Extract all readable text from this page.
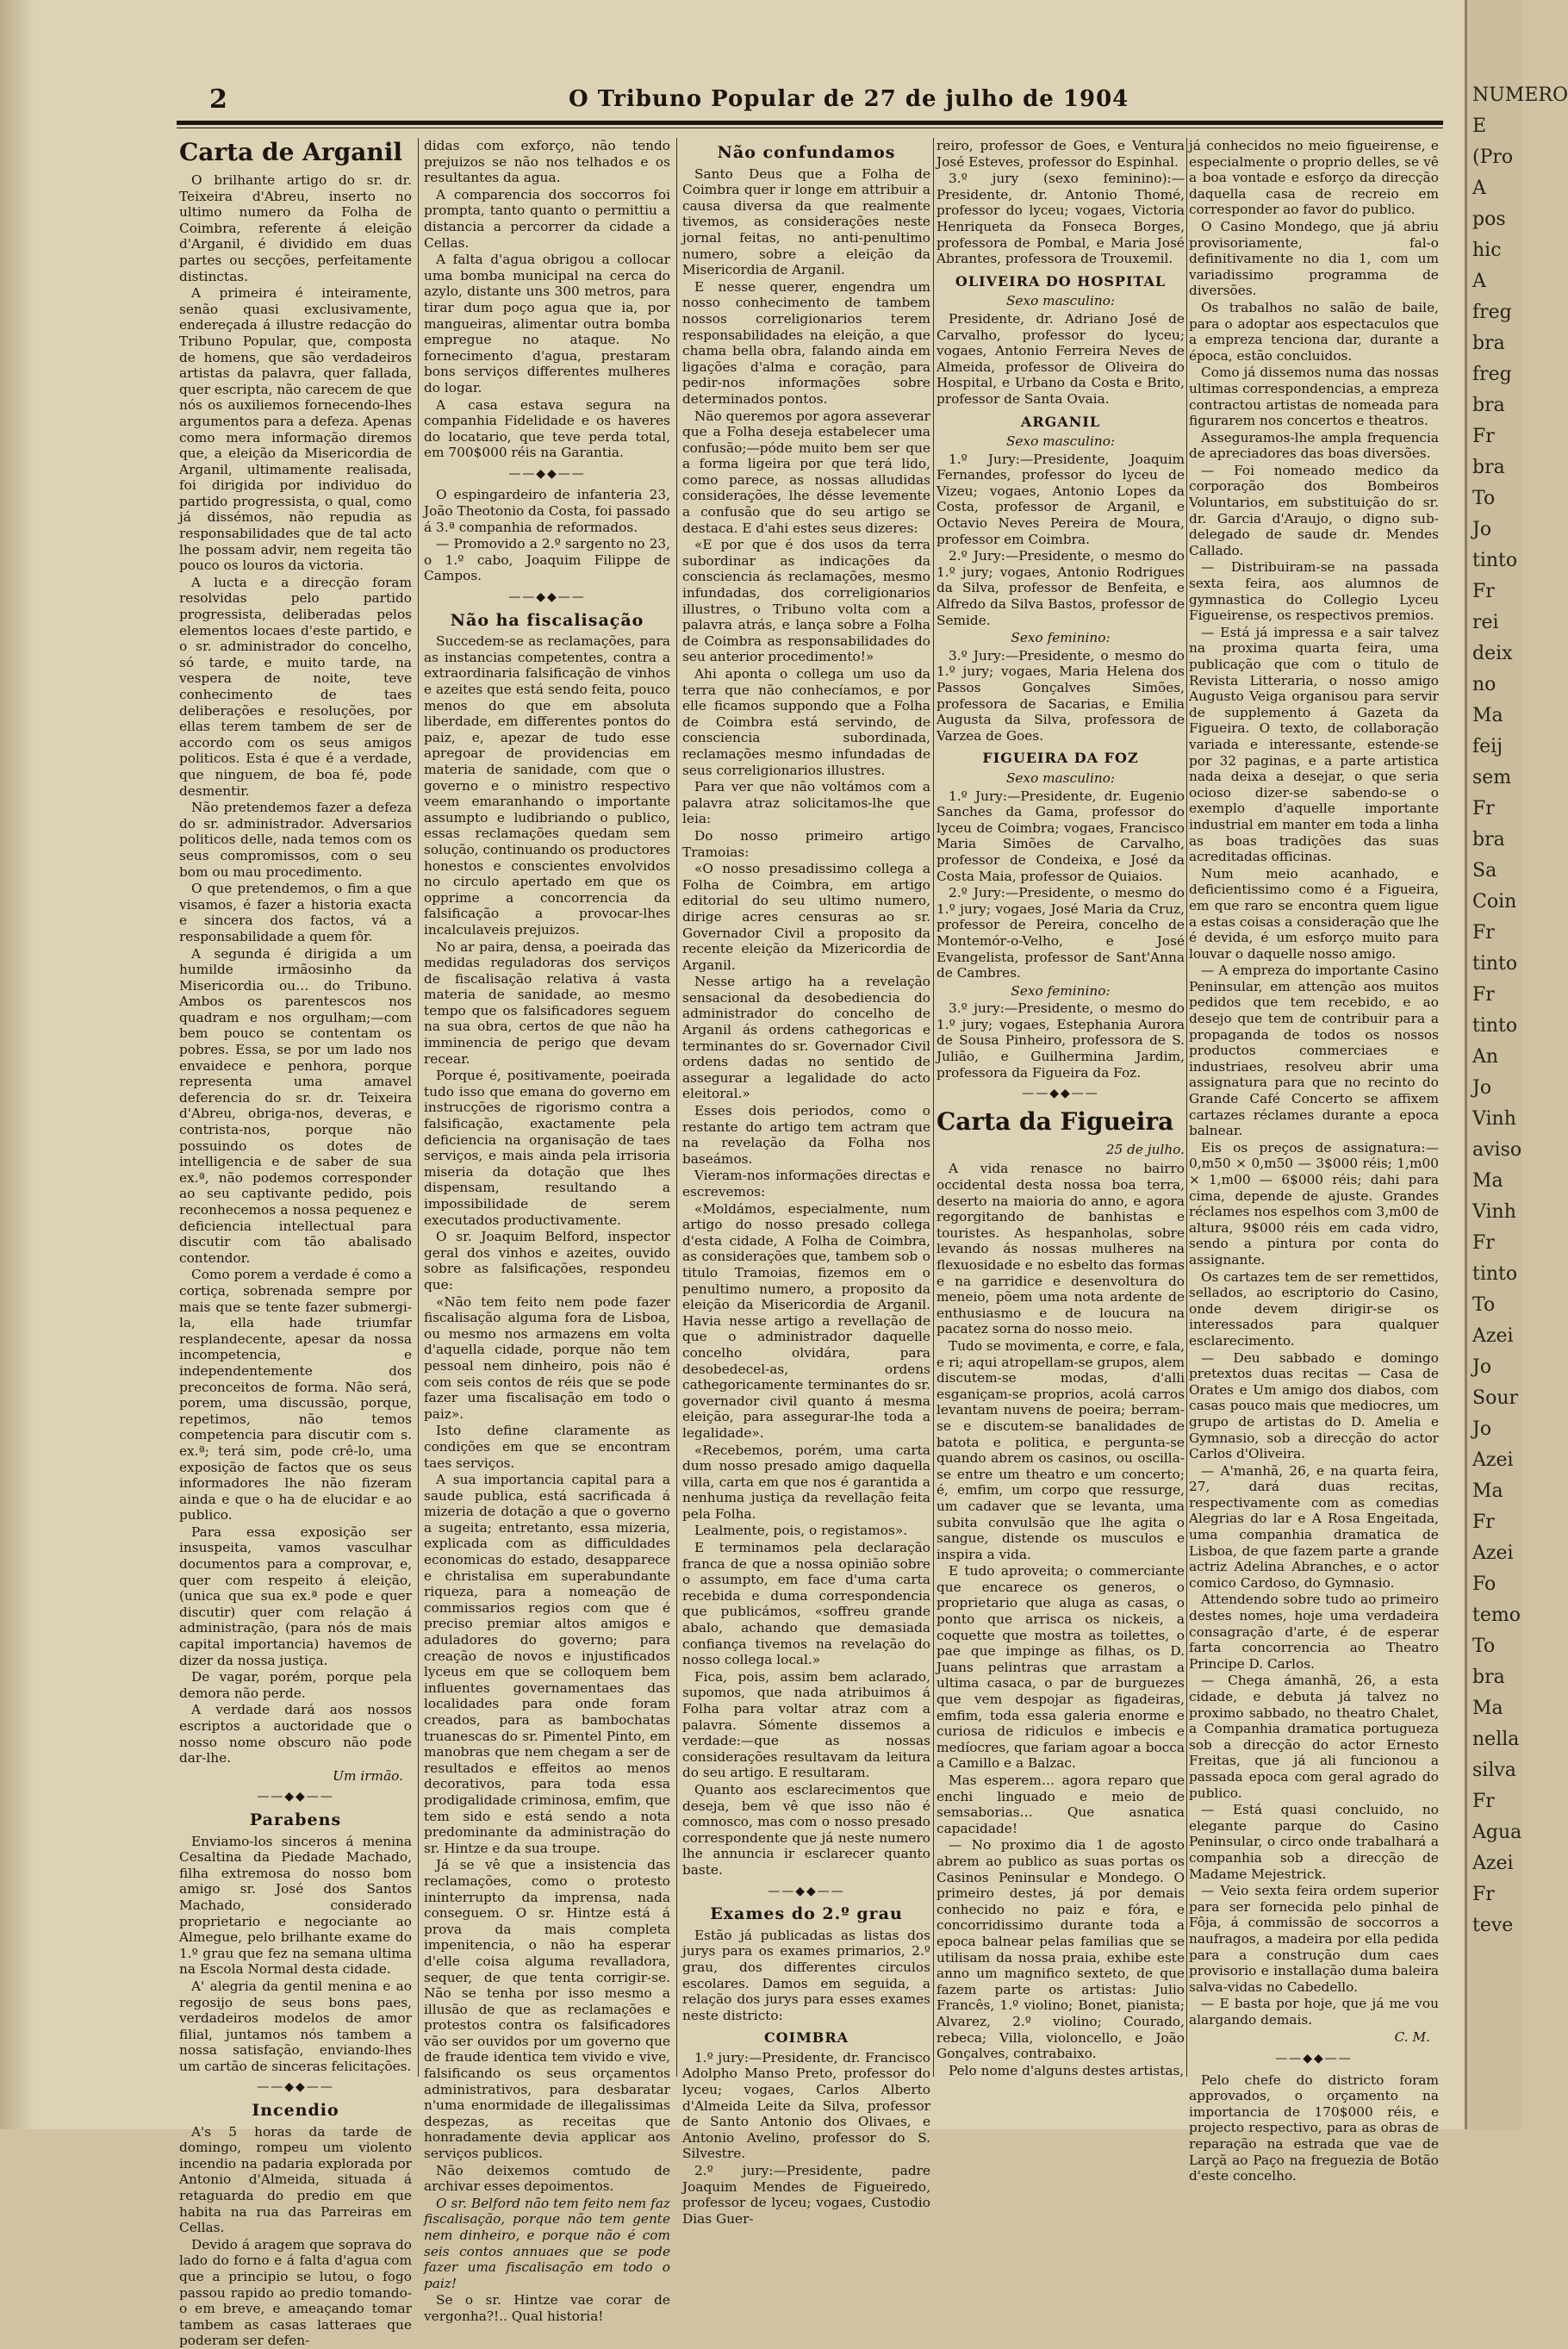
2	O Tribuno Popular de 27 de julho de 1904
Carta de Arganil

O brilhante artigo do sr. dr. Teixeira d'Abreu, inserto no ultimo numero da Folha de Coimbra, referente á eleição d'Arganil, é dividido em duas partes ou secções, perfeitamente distinctas.

A primeira é inteiramente, senão quasi exclusivamente, endereçada á illustre redacção do Tribuno Popular, que, composta de homens, que são verdadeiros artistas da palavra, quer fallada, quer escripta, não carecem de que nós os auxiliemos fornecendo-lhes argumentos para a defeza. Apenas como mera informação diremos que, a eleição da Misericordia de Arganil, ultimamente realisada, foi dirigida por individuo do partido progressista, o qual, como já dissémos, não repudia as responsabilidades que de tal acto lhe possam advir, nem regeita tão pouco os louros da victoria.

A lucta e a direcção foram resolvidas pelo partido progressista, deliberadas pelos elementos locaes d'este partido, e o sr. administrador do concelho, só tarde, e muito tarde, na vespera de noite, teve conhecimento de taes deliberações e resoluções, por ellas terem tambem de ser de accordo com os seus amigos politicos. Esta é que é a verdade, que ninguem, de boa fé, pode desmentir.

Não pretendemos fazer a defeza do sr. administrador. Adversarios politicos delle, nada temos com os seus compromissos, com o seu bom ou mau procedimento.

O que pretendemos, o fim a que visamos, é fazer a historia exacta e sincera dos factos, vá a responsabilidade a quem fôr.

A segunda é dirigida a um humilde irmãosinho da Misericordia ou… do Tribuno. Ambos os parentescos nos quadram e nos orgulham;—com bem pouco se contentam os pobres. Essa, se por um lado nos envaidece e penhora, porque representa uma amavel deferencia do sr. dr. Teixeira d'Abreu, obriga-nos, deveras, e contrista-nos, porque não possuindo os dotes de intelligencia e de saber de sua ex.ª, não podemos corresponder ao seu captivante pedido, pois reconhecemos a nossa pequenez e deficiencia intellectual para discutir com tão abalisado contendor.

Como porem a verdade é como a cortiça, sobrenada sempre por mais que se tente fazer submergi-la, ella hade triumfar resplandecente, apesar da nossa incompetencia, e independentemente dos preconceitos de forma. Não será, porem, uma discussão, porque, repetimos, não temos competencia para discutir com s. ex.ª; terá sim, pode crê-lo, uma exposição de factos que os seus informadores lhe não fizeram ainda e que o ha de elucidar e ao publico.

Para essa exposição ser insuspeita, vamos vasculhar documentos para a comprovar, e, quer com respeito á eleição, (unica que sua ex.ª pode e quer discutir) quer com relação á administração, (para nós de mais capital importancia) havemos de dizer da nossa justiça.

De vagar, porém, porque pela demora não perde.

A verdade dará aos nossos escriptos a auctoridade que o nosso nome obscuro não pode dar-lhe.

Um irmão.
——◆◆——
Parabens

Enviamo-los sinceros á menina Cesaltina da Piedade Machado, filha extremosa do nosso bom amigo sr. José dos Santos Machado, considerado proprietario e negociante ao Almegue, pelo brilhante exame do 1.º grau que fez na semana ultima na Escola Normal desta cidade.

A' alegria da gentil menina e ao regosijo de seus bons paes, verdadeiros modelos de amor filial, juntamos nós tambem a nossa satisfação, enviando-lhes um cartão de sinceras felicitações.

——◆◆——
Incendio

A's 5 horas da tarde de domingo, rompeu um violento incendio na padaria explorada por Antonio d'Almeida, situada á retaguarda do predio em que habita na rua das Parreiras em Cellas.

Devido á aragem que soprava do lado do forno e á falta d'agua com que a principio se lutou, o fogo passou rapido ao predio tomando-o em breve, e ameaçando tomar tambem as casas latteraes que poderam ser defen-

didas com exforço, não tendo prejuizos se não nos telhados e os resultantes da agua.

A comparencia dos soccorros foi prompta, tanto quanto o permittiu a distancia a percorrer da cidade a Cellas.

A falta d'agua obrigou a collocar uma bomba municipal na cerca do azylo, distante uns 300 metros, para tirar dum poço agua que ia, por mangueiras, alimentar outra bomba empregue no ataque. No fornecimento d'agua, prestaram bons serviços differentes mulheres do logar.

A casa estava segura na companhia Fidelidade e os haveres do locatario, que teve perda total, em 700$000 réis na Garantia.

——◆◆——

O espingardeiro de infanteria 23, João Theotonio da Costa, foi passado á 3.ª companhia de reformados.

— Promovido a 2.º sargento no 23, o 1.º cabo, Joaquim Filippe de Campos.

——◆◆——
Não ha fiscalisação

Succedem-se as reclamações, para as instancias competentes, contra a extraordinaria falsificação de vinhos e azeites que está sendo feita, pouco menos do que em absoluta liberdade, em differentes pontos do paiz, e, apezar de tudo esse apregoar de providencias em materia de sanidade, com que o governo e o ministro respectivo veem emaranhando o importante assumpto e ludibriando o publico, essas reclamações quedam sem solução, continuando os productores honestos e conscientes envolvidos no circulo apertado em que os opprime a concorrencia da falsificação a provocar-lhes incalculaveis prejuizos.

No ar paira, densa, a poeirada das medidas reguladoras dos serviços de fiscalisação relativa á vasta materia de sanidade, ao mesmo tempo que os falsificadores seguem na sua obra, certos de que não ha imminencia de perigo que devam recear.

Porque é, positivamente, poeirada tudo isso que emana do governo em instrucções de rigorismo contra a falsificação, exactamente pela deficiencia na organisação de taes serviços, e mais ainda pela irrisoria miseria da dotação que lhes dispensam, resultando a impossibilidade de serem executados productivamente.

O sr. Joaquim Belford, inspector geral dos vinhos e azeites, ouvido sobre as falsificações, respondeu que:

«Não tem feito nem pode fazer fiscalisação alguma fora de Lisboa, ou mesmo nos armazens em volta d'aquella cidade, porque não tem pessoal nem dinheiro, pois não é com seis contos de réis que se pode fazer uma fiscalisação em todo o paiz».

Isto define claramente as condições em que se encontram taes serviços.

A sua importancia capital para a saude publica, está sacrificada á mizeria de dotação a que o governo a sugeita; entretanto, essa mizeria, explicada com as difficuldades economicas do estado, desapparece e christalisa em superabundante riqueza, para a nomeação de commissarios regios com que é preciso premiar altos amigos e aduladores do governo; para creação de novos e injustificados lyceus em que se colloquem bem influentes governamentaes das localidades para onde foram creados, para as bambochatas truanescas do sr. Pimentel Pinto, em manobras que nem chegam a ser de resultados e effeitos ao menos decorativos, para toda essa prodigalidade criminosa, emfim, que tem sido e está sendo a nota predominante da administração do sr. Hintze e da sua troupe.

Já se vê que a insistencia das reclamações, como o protesto ininterrupto da imprensa, nada conseguem. O sr. Hintze está á prova da mais completa impenitencia, o não ha esperar d'elle coisa alguma revalladora, sequer, de que tenta corrigir-se. Não se tenha por isso mesmo a illusão de que as reclamações e protestos contra os falsificadores vão ser ouvidos por um governo que de fraude identica tem vivido e vive, falsificando os seus orçamentos administrativos, para desbaratar n'uma enormidade de illegalissimas despezas, as receitas que honradamente devia applicar aos serviços publicos.

Não deixemos comtudo de archivar esses depoimentos.

O sr. Belford não tem feito nem faz fiscalisação, porque não tem gente nem dinheiro, e porque não é com seis contos annuaes que se pode fazer uma fiscalisação em todo o paiz!

Se o sr. Hintze vae corar de vergonha?!.. Qual historia!

Não confundamos

Santo Deus que a Folha de Coimbra quer ir longe em attribuir a causa diversa da que realmente tivemos, as considerações neste jornal feitas, no anti-penultimo numero, sobre a eleição da Misericordia de Arganil.

E nesse querer, engendra um nosso conhecimento de tambem nossos correligionarios terem responsabilidades na eleição, a que chama bella obra, falando ainda em ligações d'alma e coração, para pedir-nos informações sobre determinados pontos.

Não queremos por agora asseverar que a Folha deseja estabelecer uma confusão;—póde muito bem ser que a forma ligeira por que terá lido, como parece, as nossas alludidas considerações, lhe désse levemente a confusão que do seu artigo se destaca. E d'ahi estes seus dizeres:

«E por que é dos usos da terra subordinar as indicações da consciencia ás reclamações, mesmo infundadas, dos correligionarios illustres, o Tribuno volta com a palavra atrás, e lança sobre a Folha de Coimbra as responsabilidades do seu anterior procedimento!»

Ahi aponta o collega um uso da terra que não conhecíamos, e por elle ficamos suppondo que a Folha de Coimbra está servindo, de consciencia subordinada, reclamações mesmo infundadas de seus correligionarios illustres.

Para ver que não voltámos com a palavra atraz solicitamos-lhe que leia:

Do nosso primeiro artigo Tramoias:

«O nosso presadissimo collega a Folha de Coimbra, em artigo editorial do seu ultimo numero, dirige acres censuras ao sr. Governador Civil a proposito da recente eleição da Mizericordia de Arganil.

Nesse artigo ha a revelação sensacional da desobediencia do administrador do concelho de Arganil ás ordens cathegoricas e terminantes do sr. Governador Civil ordens dadas no sentido de assegurar a legalidade do acto eleitoral.»

Esses dois periodos, como o restante do artigo tem actram que na revelação da Folha nos baseámos.

Vieram-nos informações directas e escrevemos:

«Moldámos, especialmente, num artigo do nosso presado collega d'esta cidade, A Folha de Coimbra, as considerações que, tambem sob o titulo Tramoias, fizemos em o penultimo numero, a proposito da eleição da Misericordia de Arganil. Havia nesse artigo a revellação de que o administrador daquelle concelho olvidára, para desobedecel-as, ordens cathegoricamente terminantes do sr. governador civil quanto á mesma eleição, para assegurar-lhe toda a legalidade».

«Recebemos, porém, uma carta dum nosso presado amigo daquella villa, carta em que nos é garantida a nenhuma justiça da revellação feita pela Folha.

Lealmente, pois, o registamos».

E terminamos pela declaração franca de que a nossa opinião sobre o assumpto, em face d'uma carta recebida e duma correspondencia que publicámos, «soffreu grande abalo, achando que demasiada confiança tivemos na revelação do nosso collega local.»

Fica, pois, assim bem aclarado, supomos, que nada atribuimos á Folha para voltar atraz com a palavra. Sómente dissemos a verdade:—que as nossas considerações resultavam da leitura do seu artigo. E resultaram.

Quanto aos esclarecimentos que deseja, bem vê que isso não é comnosco, mas com o nosso presado correspondente que já neste numero lhe annuncia ir esclarecer quanto baste.

——◆◆——
Exames do 2.º grau

Estão já publicadas as listas dos jurys para os exames primarios, 2.º grau, dos differentes circulos escolares. Damos em seguida, a relação dos jurys para esses exames neste districto:

COIMBRA

1.º jury:—Presidente, dr. Francisco Adolpho Manso Preto, professor do lyceu; vogaes, Carlos Alberto d'Almeida Leite da Silva, professor de Santo Antonio dos Olivaes, e Antonio Avelino, professor do S. Silvestre.

2.º jury:—Presidente, padre Joaquim Mendes de Figueiredo, professor de lyceu; vogaes, Custodio Dias Guer-

reiro, professor de Goes, e Ventura José Esteves, professor do Espinhal.

3.º jury (sexo feminino):—Presidente, dr. Antonio Thomé, professor do lyceu; vogaes, Victoria Henriqueta da Fonseca Borges, professora de Pombal, e Maria José Abrantes, professora de Trouxemil.

OLIVEIRA DO HOSPITAL
Sexo masculino:

Presidente, dr. Adriano José de Carvalho, professor do lyceu; vogaes, Antonio Ferreira Neves de Almeida, professor de Oliveira do Hospital, e Urbano da Costa e Brito, professor de Santa Ovaia.

ARGANIL
Sexo masculino:

1.º Jury:—Presidente, Joaquim Fernandes, professor do lyceu de Vizeu; vogaes, Antonio Lopes da Costa, professor de Arganil, e Octavio Neves Pereira de Moura, professor em Coimbra.

2.º Jury:—Presidente, o mesmo do 1.º jury; vogaes, Antonio Rodrigues da Silva, professor de Benfeita, e Alfredo da Silva Bastos, professor de Semide.

Sexo feminino:

3.º Jury:—Presidente, o mesmo do 1.º jury; vogaes, Maria Helena dos Passos Gonçalves Simões, professora de Sacarias, e Emilia Augusta da Silva, professora de Varzea de Goes.

FIGUEIRA DA FOZ
Sexo masculino:

1.º Jury:—Presidente, dr. Eugenio Sanches da Gama, professor do lyceu de Coimbra; vogaes, Francisco Maria Simões de Carvalho, professor de Condeixa, e José da Costa Maia, professor de Quiaios.

2.º Jury:—Presidente, o mesmo do 1.º jury; vogaes, José Maria da Cruz, professor de Pereira, concelho de Montemór-o-Velho, e José Evangelista, professor de Sant'Anna de Cambres.

Sexo feminino:

3.º jury:—Presidente, o mesmo do 1.º jury; vogaes, Estephania Aurora de Sousa Pinheiro, professora de S. Julião, e Guilhermina Jardim, professora da Figueira da Foz.

——◆◆——
Carta da Figueira
25 de julho.

A vida renasce no bairro occidental desta nossa boa terra, deserto na maioria do anno, e agora regorgitando de banhistas e touristes. As hespanholas, sobre levando ás nossas mulheres na flexuosidade e no esbelto das formas e na garridice e desenvoltura do meneio, põem uma nota ardente de enthusiasmo e de loucura na pacatez sorna do nosso meio.

Tudo se movimenta, e corre, e fala, e ri; aqui atropellam-se grupos, alem discutem-se modas, d'alli esganiçam-se proprios, acolá carros levantam nuvens de poeira; berram-se e discutem-se banalidades de batota e politica, e pergunta-se quando abrem os casinos, ou oscilla-se entre um theatro e um concerto; é, emfim, um corpo que ressurge, um cadaver que se levanta, uma subita convulsão que lhe agita o sangue, distende os musculos e inspira a vida.

E tudo aproveita; o commerciante que encarece os generos, o proprietario que aluga as casas, o ponto que arrisca os nickeis, a coquette que mostra as toilettes, o pae que impinge as filhas, os D. Juans pelintras que arrastam a ultima casaca, o par de burguezes que vem despojar as figadeiras, emfim, toda essa galeria enorme e curiosa de ridiculos e imbecis e medíocres, que fariam agoar a bocca a Camillo e a Balzac.

Mas esperem… agora reparo que enchi linguado e meio de semsaborias… Que asnatica capacidade!

— No proximo dia 1 de agosto abrem ao publico as suas portas os Casinos Peninsular e Mondego. O primeiro destes, já por demais conhecido no paiz e fóra, e concorridissimo durante toda a epoca balnear pelas familias que se utilisam da nossa praia, exhibe este anno um magnifico sexteto, de que fazem parte os artistas: Julio Francês, 1.º violino; Bonet, pianista; Alvarez, 2.º violino; Courado, rebeca; Villa, violoncello, e João Gonçalves, contrabaixo.

Pelo nome d'alguns destes artistas,

já conhecidos no meio figueirense, e especialmente o proprio delles, se vê a boa vontade e esforço da direcção daquella casa de recreio em corresponder ao favor do publico.

O Casino Mondego, que já abriu provisoriamente, fal-o definitivamente no dia 1, com um variadissimo programma de diversões.

Os trabalhos no salão de baile, para o adoptar aos espectaculos que a empreza tenciona dar, durante a época, estão concluidos.

Como já dissemos numa das nossas ultimas correspondencias, a empreza contractou artistas de nomeada para figurarem nos concertos e theatros.

Asseguramos-lhe ampla frequencia de apreciadores das boas diversões.

— Foi nomeado medico da corporação dos Bombeiros Voluntarios, em substituição do sr. dr. Garcia d'Araujo, o digno sub-delegado de saude dr. Mendes Callado.

— Distribuiram-se na passada sexta feira, aos alumnos de gymnastica do Collegio Lyceu Figueirense, os respectivos premios.

— Está já impressa e a sair talvez na proxima quarta feira, uma publicação que com o titulo de Revista Litteraria, o nosso amigo Augusto Veiga organisou para servir de supplemento á Gazeta da Figueira. O texto, de collaboração variada e interessante, estende-se por 32 paginas, e a parte artistica nada deixa a desejar, o que seria ocioso dizer-se sabendo-se o exemplo d'aquelle importante industrial em manter em toda a linha as boas tradições das suas acreditadas officinas.

Num meio acanhado, e deficientissimo como é a Figueira, em que raro se encontra quem ligue a estas coisas a consideração que lhe é devida, é um esforço muito para louvar o daquelle nosso amigo.

— A empreza do importante Casino Peninsular, em attenção aos muitos pedidos que tem recebido, e ao desejo que tem de contribuir para a propaganda de todos os nossos productos commerciaes e industriaes, resolveu abrir uma assignatura para que no recinto do Grande Café Concerto se affixem cartazes réclames durante a epoca balnear.

Eis os preços de assignatura:— 0,m50 × 0,m50 — 3$000 réis; 1,m00 × 1,m00 — 6$000 réis; dahi para cima, depende de ajuste. Grandes réclames nos espelhos com 3,m00 de altura, 9$000 réis em cada vidro, sendo a pintura por conta do assignante.

Os cartazes tem de ser remettidos, sellados, ao escriptorio do Casino, onde devem dirigir-se os interessados para qualquer esclarecimento.

— Deu sabbado e domingo pretextos duas recitas — Casa de Orates e Um amigo dos diabos, com casas pouco mais que mediocres, um grupo de artistas do D. Amelia e Gymnasio, sob a direcção do actor Carlos d'Oliveira.

— A'manhã, 26, e na quarta feira, 27, dará duas recitas, respectivamente com as comedias Alegrias do lar e A Rosa Engeitada, uma companhia dramatica de Lisboa, de que fazem parte a grande actriz Adelina Abranches, e o actor comico Cardoso, do Gymnasio.

Attendendo sobre tudo ao primeiro destes nomes, hoje uma verdadeira consagração d'arte, é de esperar farta concorrencia ao Theatro Principe D. Carlos.

— Chega ámanhã, 26, a esta cidade, e debuta já talvez no proximo sabbado, no theatro Chalet, a Companhia dramatica portugueza sob a direcção do actor Ernesto Freitas, que já ali funcionou a passada epoca com geral agrado do publico.

— Está quasi concluido, no elegante parque do Casino Peninsular, o circo onde trabalhará a companhia sob a direcção de Madame Mejestrick.

— Veio sexta feira ordem superior para ser fornecida pelo pinhal de Fôja, á commissão de soccorros a naufragos, a madeira por ella pedida para a construção dum caes provisorio e installação duma baleira salva-vidas no Cabedello.

— E basta por hoje, que já me vou alargando demais.

C. M.
——◆◆——

Pelo chefe do districto foram approvados, o orçamento na importancia de 170$000 réis, e projecto respectivo, para as obras de reparação na estrada que vae de Larçã ao Paço na freguezia de Botão d'este concelho.

NUMERO
E
(Pro
A
pos
hic
A
freg
bra
freg
bra
Fr
bra
To
Jo
tinto
Fr
rei
deix
no
Ma
feij
sem
Fr
bra
Sa
Coin
Fr
tinto
Fr
tinto
An
Jo
Vinh
aviso
Ma
Vinh
Fr
tinto
To
Azei
Jo
Sour
Jo
Azei
Ma
Fr
Azei
Fo
temo
To
bra
Ma
nella
silva
Fr
Agua
Azei
Fr
teve
